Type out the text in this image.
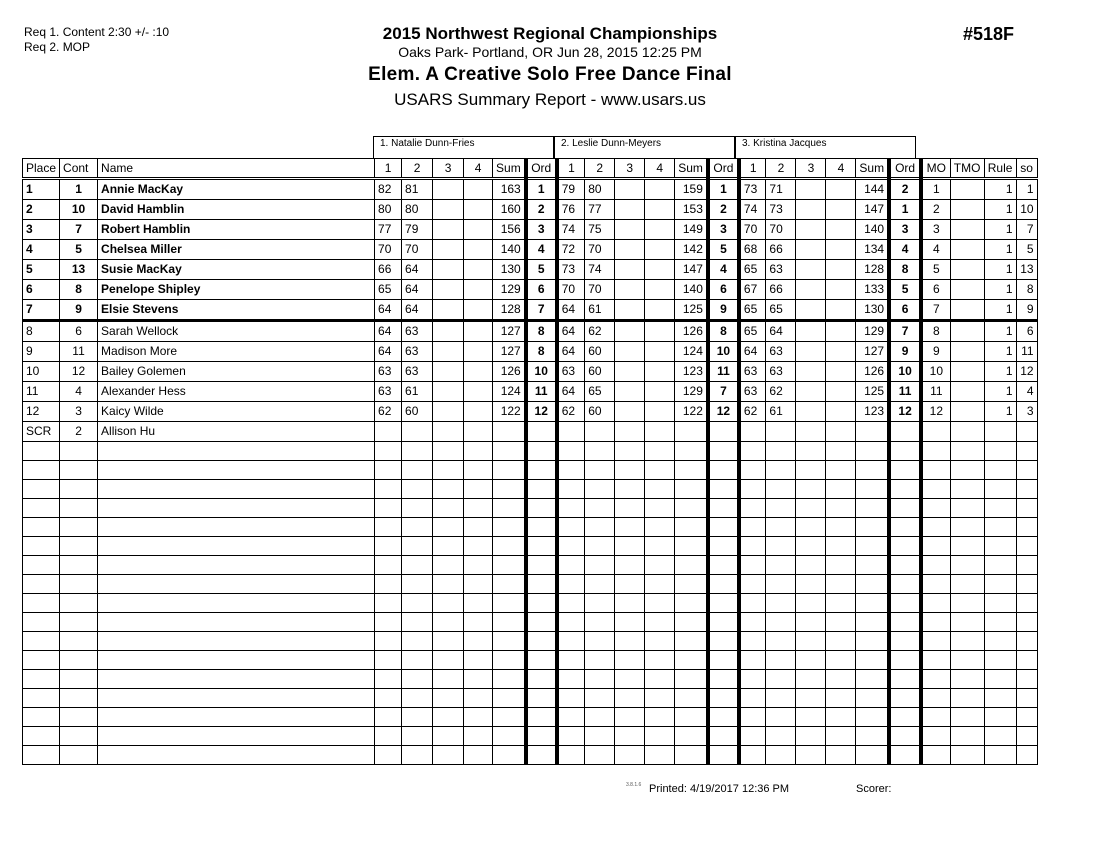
Req 1. Content 2:30 +/- :10
Req 2. MOP
2015 Northwest Regional Championships
Oaks Park- Portland, OR Jun 28, 2015 12:25 PM
Elem. A Creative Solo Free Dance Final
USARS Summary Report - www.usars.us
#518F
1. Natalie Dunn-Fries	2. Leslie Dunn-Meyers	3. Kristina Jacques
Place	Cont	Name	1	2	3	4	Sum	Ord	1	2	3	4	Sum	Ord	1	2	3	4	Sum	Ord	MO	TMO	Rule	so
1	1	Annie MacKay	82	81			163	1	79	80			159	1	73	71			144	2	1		1	1
2	10	David Hamblin	80	80			160	2	76	77			153	2	74	73			147	1	2		1	10
3	7	Robert Hamblin	77	79			156	3	74	75			149	3	70	70			140	3	3		1	7
4	5	Chelsea Miller	70	70			140	4	72	70			142	5	68	66			134	4	4		1	5
5	13	Susie MacKay	66	64			130	5	73	74			147	4	65	63			128	8	5		1	13
6	8	Penelope Shipley	65	64			129	6	70	70			140	6	67	66			133	5	6		1	8
7	9	Elsie Stevens	64	64			128	7	64	61			125	9	65	65			130	6	7		1	9
8	6	Sarah Wellock	64	63			127	8	64	62			126	8	65	64			129	7	8		1	6
9	11	Madison More	64	63			127	8	64	60			124	10	64	63			127	9	9		1	11
10	12	Bailey Golemen	63	63			126	10	63	60			123	11	63	63			126	10	10		1	12
11	4	Alexander Hess	63	61			124	11	64	65			129	7	63	62			125	11	11		1	4
12	3	Kaicy Wilde	62	60			122	12	62	60			122	12	62	61			123	12	12		1	3
SCR	2	Allison Hu																						

3.8.1.6 Printed: 4/19/2017 12:36 PM	Scorer:
